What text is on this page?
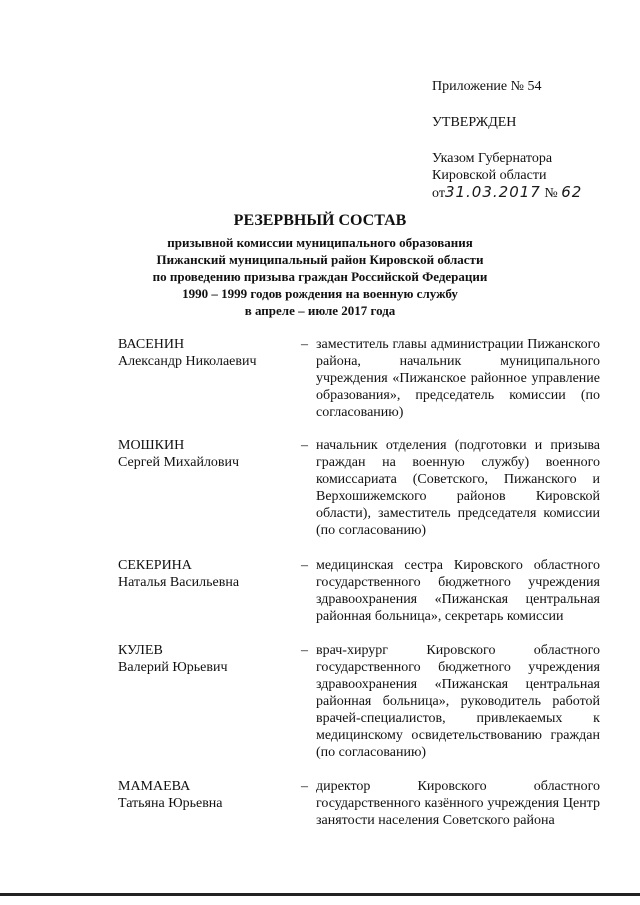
Приложение № 54
УТВЕРЖДЕН
Указом Губернатора
Кировской области
от31.03.2017 № 62
РЕЗЕРВНЫЙ СОСТАВ
призывной комиссии муниципального образования
Пижанский муниципальный район Кировской области
по проведению призыва граждан Российской Федерации
1990 – 1999 годов рождения на военную службу
в апреле – июле 2017 года
ВАСЕНИН
Александр Николаевич
– заместитель главы администрации Пижанского района, начальник муниципального учреждения «Пижанское районное управление образования», председатель комиссии (по согласованию)
МОШКИН
Сергей Михайлович
– начальник отделения (подготовки и призыва граждан на военную службу) военного комиссариата (Советского, Пижанского и Верхошижемского районов Кировской области), заместитель председателя комиссии (по согласованию)
СЕКЕРИНА
Наталья Васильевна
– медицинская сестра Кировского областного государственного бюджетного учреждения здравоохранения «Пижанская центральная районная больница», секретарь комиссии
КУЛЕВ
Валерий Юрьевич
– врач-хирург Кировского областного государственного бюджетного учреждения здравоохранения «Пижанская центральная районная больница», руководитель работой врачей-специалистов, привлекаемых к медицинскому освидетельствованию граждан (по согласованию)
МАМАЕВА
Татьяна Юрьевна
– директор Кировского областного государственного казённого учреждения Центр занятости населения Советского района
